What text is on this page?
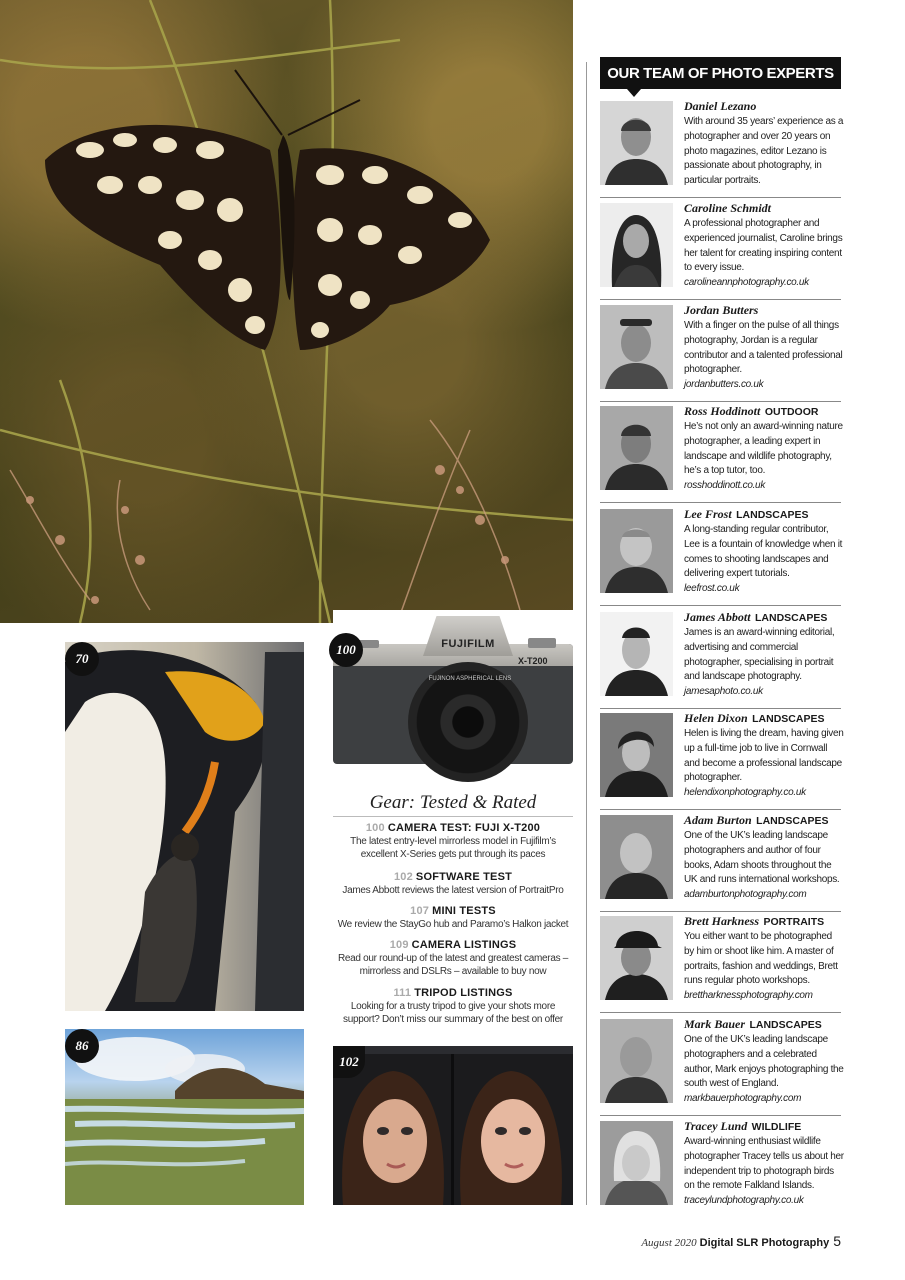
70
86
FUJIFILM
X-T200
FUJINON ASPHERICAL LENS
100
102
Gear: Tested & Rated
100 CAMERA TEST: FUJI X-T200
The latest entry-level mirrorless model in Fujifilm’s excellent X-Series gets put through its paces
102 SOFTWARE TEST
James Abbott reviews the latest version of PortraitPro
107 MINI TESTS
We review the StayGo hub and Paramo’s Halkon jacket
109 CAMERA LISTINGS
Read our round-up of the latest and greatest cameras – mirrorless and DSLRs – available to buy now
111 TRIPOD LISTINGS
Looking for a trusty tripod to give your shots more support? Don’t miss our summary of the best on offer
OUR TEAM OF PHOTO EXPERTS
Daniel Lezano
With around 35 years’ experience as a photographer and over 20 years on photo magazines, editor Lezano is passionate about photography, in particular portraits.
Caroline Schmidt
A professional photographer and experienced journalist, Caroline brings her talent for creating inspiring content to every issue.
carolineannphotography.co.uk
Jordan Butters
With a finger on the pulse of all things photography, Jordan is a regular contributor and a talented professional photographer.
jordanbutters.co.uk
Ross Hoddinott OUTDOOR
He’s not only an award-winning nature photographer, a leading expert in landscape and wildlife photography, he’s a top tutor, too.
rosshoddinott.co.uk
Lee Frost LANDSCAPES
A long-standing regular contributor, Lee is a fountain of knowledge when it comes to shooting landscapes and delivering expert tutorials.
leefrost.co.uk
James Abbott LANDSCAPES
James is an award-winning editorial, advertising and commercial photographer, specialising in portrait and landscape photography.
jamesaphoto.co.uk
Helen Dixon LANDSCAPES
Helen is living the dream, having given up a full-time job to live in Cornwall and become a professional landscape photographer.
helendixonphotography.co.uk
Adam Burton LANDSCAPES
One of the UK’s leading landscape photographers and author of four books, Adam shoots throughout the UK and runs international workshops.
adamburtonphotography.com
Brett Harkness PORTRAITS
You either want to be photographed by him or shoot like him. A master of portraits, fashion and weddings, Brett runs regular photo workshops.
brettharknessphotography.com
Mark Bauer LANDSCAPES
One of the UK’s leading landscape photographers and a celebrated author, Mark enjoys photographing the south west of England.
markbauerphotography.com
Tracey Lund WILDLIFE
Award-winning enthusiast wildlife photographer Tracey tells us about her independent trip to photograph birds on the remote Falkland Islands.
traceylundphotography.co.uk
August 2020 Digital SLR Photography 5
